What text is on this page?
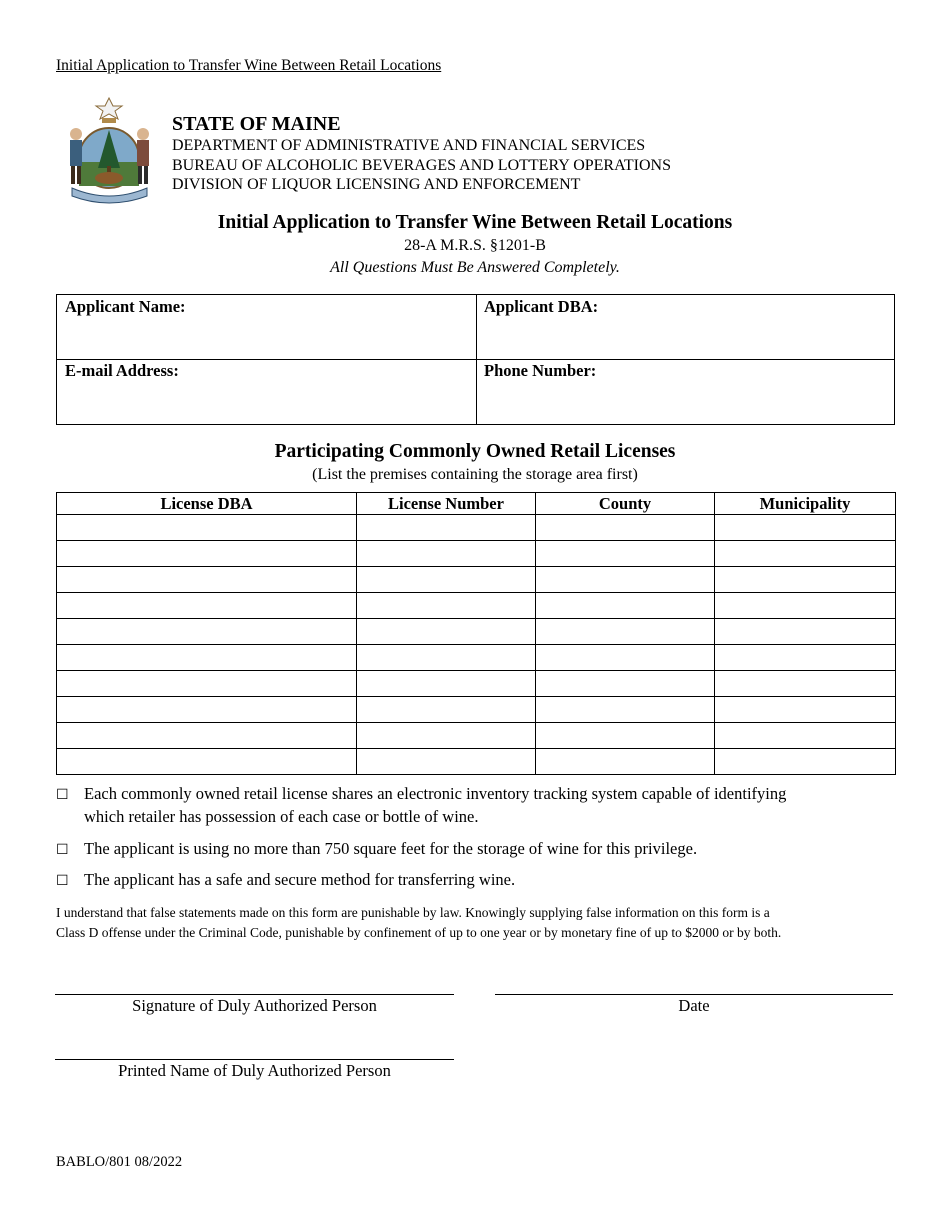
Initial Application to Transfer Wine Between Retail Locations
STATE OF MAINE
DEPARTMENT OF ADMINISTRATIVE AND FINANCIAL SERVICES
BUREAU OF ALCOHOLIC BEVERAGES AND LOTTERY OPERATIONS
DIVISION OF LIQUOR LICENSING AND ENFORCEMENT
Initial Application to Transfer Wine Between Retail Locations
28-A M.R.S. §1201-B
All Questions Must Be Answered Completely.
Applicant Name:	Applicant DBA:
E-mail Address:	Phone Number:
Participating Commonly Owned Retail Licenses
(List the premises containing the storage area first)
License DBA	License Number	County	Municipality

☐ Each commonly owned retail license shares an electronic inventory tracking system capable of identifying
which retailer has possession of each case or bottle of wine.
☐ The applicant is using no more than 750 square feet for the storage of wine for this privilege.
☐ The applicant has a safe and secure method for transferring wine.
I understand that false statements made on this form are punishable by law. Knowingly supplying false information on this form is a
Class D offense under the Criminal Code, punishable by confinement of up to one year or by monetary fine of up to $2000 or by both.
Signature of Duly Authorized Person	Date
Printed Name of Duly Authorized Person
BABLO/801 08/2022
